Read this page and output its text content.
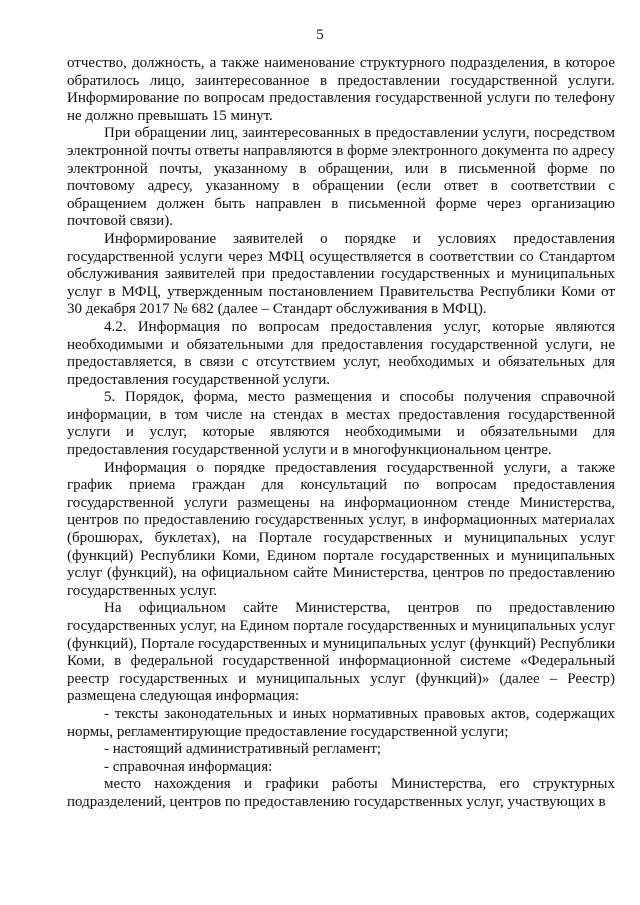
5

отчество, должность, а также наименование структурного подразделения, в которое обратилось лицо, заинтересованное в предоставлении государственной услуги. Информирование по вопросам предоставления государственной услуги по телефону не должно превышать 15 минут.

При обращении лиц, заинтересованных в предоставлении услуги, посредством электронной почты ответы направляются в форме электронного документа по адресу электронной почты, указанному в обращении, или в письменной форме по почтовому адресу, указанному в обращении (если ответ в соответствии с обращением должен быть направлен в письменной форме через организацию почтовой связи).

Информирование заявителей о порядке и условиях предоставления государственной услуги через МФЦ осуществляется в соответствии со Стандартом обслуживания заявителей при предоставлении государственных и муниципальных услуг в МФЦ, утвержденным постановлением Правительства Республики Коми от 30 декабря 2017 № 682 (далее – Стандарт обслуживания в МФЦ).

4.2. Информация по вопросам предоставления услуг, которые являются необходимыми и обязательными для предоставления государственной услуги, не предоставляется, в связи с отсутствием услуг, необходимых и обязательных для предоставления государственной услуги.

5. Порядок, форма, место размещения и способы получения справочной информации, в том числе на стендах в местах предоставления государственной услуги и услуг, которые являются необходимыми и обязательными для предоставления государственной услуги и в многофункциональном центре.

Информация о порядке предоставления государственной услуги, а также график приема граждан для консультаций по вопросам предоставления государственной услуги размещены на информационном стенде Министерства, центров по предоставлению государственных услуг, в информационных материалах (брошюрах, буклетах), на Портале государственных и муниципальных услуг (функций) Республики Коми, Едином портале государственных и муниципальных услуг (функций), на официальном сайте Министерства, центров по предоставлению государственных услуг.

На официальном сайте Министерства, центров по предоставлению государственных услуг, на Едином портале государственных и муниципальных услуг (функций), Портале государственных и муниципальных услуг (функций) Республики Коми, в федеральной государственной информационной системе «Федеральный реестр государственных и муниципальных услуг (функций)» (далее – Реестр) размещена следующая информация:

- тексты законодательных и иных нормативных правовых актов, содержащих нормы, регламентирующие предоставление государственной услуги;

- настоящий административный регламент;

- справочная информация:

место нахождения и графики работы Министерства, его структурных подразделений, центров по предоставлению государственных услуг, участвующих в
